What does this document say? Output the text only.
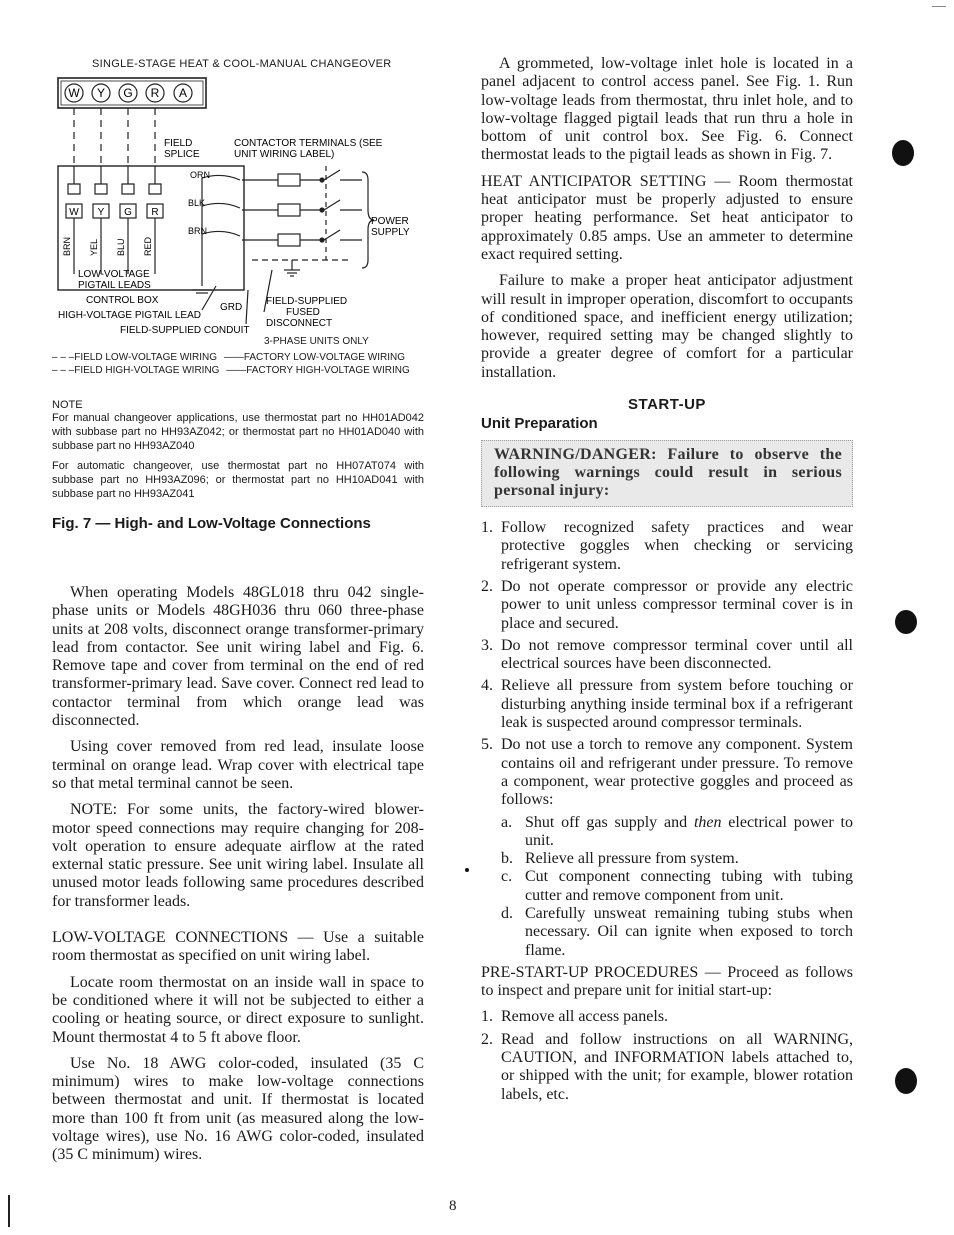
SINGLE-STAGE HEAT & COOL-MANUAL CHANGEOVER
W Y G R A
W Y G R
BRN YEL BLU RED
FIELD
SPLICE
CONTACTOR TERMINALS (SEE
UNIT WIRING LABEL)
ORN
BLK
BRN
POWER
SUPPLY
LOW-VOLTAGE
PIGTAIL LEADS
CONTROL BOX
GRD
HIGH-VOLTAGE PIGTAIL LEAD
FIELD-SUPPLIED
FUSED
DISCONNECT
FIELD-SUPPLIED CONDUIT
3-PHASE UNITS ONLY
– – –FIELD LOW-VOLTAGE WIRING ——FACTORY LOW-VOLTAGE WIRING
– – –FIELD HIGH-VOLTAGE WIRING ——FACTORY HIGH-VOLTAGE WIRING
NOTE

For manual changeover applications, use thermostat part no HH01AD042 with subbase part no HH93AZ042; or thermostat part no HH01AD040 with subbase part no HH93AZ040

For automatic changeover, use thermostat part no HH07AT074 with subbase part no HH93AZ096; or thermostat part no HH10AD041 with subbase part no HH93AZ041

Fig. 7 — High- and Low-Voltage Connections

When operating Models 48GL018 thru 042 single-phase units or Models 48GH036 thru 060 three-phase units at 208 volts, disconnect orange transformer-primary lead from contactor. See unit wiring label and Fig. 6. Remove tape and cover from terminal on the end of red transformer-primary lead. Save cover. Connect red lead to contactor terminal from which orange lead was disconnected.

Using cover removed from red lead, insulate loose terminal on orange lead. Wrap cover with electrical tape so that metal terminal cannot be seen.

NOTE: For some units, the factory-wired blower-motor speed connections may require changing for 208-volt operation to ensure adequate airflow at the rated external static pressure. See unit wiring label. Insulate all unused motor leads following same procedures described for transformer leads.

LOW-VOLTAGE CONNECTIONS — Use a suitable room thermostat as specified on unit wiring label.

Locate room thermostat on an inside wall in space to be conditioned where it will not be subjected to either a cooling or heating source, or direct exposure to sunlight. Mount thermostat 4 to 5 ft above floor.

Use No. 18 AWG color-coded, insulated (35 C minimum) wires to make low-voltage connections between thermostat and unit. If thermostat is located more than 100 ft from unit (as measured along the low-voltage wires), use No. 16 AWG color-coded, insulated (35 C minimum) wires.

A grommeted, low-voltage inlet hole is located in a panel adjacent to control access panel. See Fig. 1. Run low-voltage leads from thermostat, thru inlet hole, and to low-voltage flagged pigtail leads that run thru a hole in bottom of unit control box. See Fig. 6. Connect thermostat leads to the pigtail leads as shown in Fig. 7.

HEAT ANTICIPATOR SETTING — Room thermostat heat anticipator must be properly adjusted to ensure proper heating performance. Set heat anticipator to approximately 0.85 amps. Use an ammeter to determine exact required setting.

Failure to make a proper heat anticipator adjustment will result in improper operation, discomfort to occupants of conditioned space, and inefficient energy utilization; however, required setting may be changed slightly to provide a greater degree of comfort for a particular installation.

START-UP
Unit Preparation
WARNING/DANGER: Failure to observe the following warnings could result in serious personal injury:
1. Follow recognized safety practices and wear protective goggles when checking or servicing refrigerant system.
2. Do not operate compressor or provide any electric power to unit unless compressor terminal cover is in place and secured.
3. Do not remove compressor terminal cover until all electrical sources have been disconnected.
4. Relieve all pressure from system before touching or disturbing anything inside terminal box if a refrigerant leak is suspected around compressor terminals.
5. Do not use a torch to remove any component. System contains oil and refrigerant under pressure. To remove a component, wear protective goggles and proceed as follows:
a. Shut off gas supply and then electrical power to unit.
b. Relieve all pressure from system.
c. Cut component connecting tubing with tubing cutter and remove component from unit.
d. Carefully unsweat remaining tubing stubs when necessary. Oil can ignite when exposed to torch flame.

PRE-START-UP PROCEDURES — Proceed as follows to inspect and prepare unit for initial start-up:

1. Remove all access panels.
2. Read and follow instructions on all WARNING, CAUTION, and INFORMATION labels attached to, or shipped with the unit; for example, blower rotation labels, etc.
8
